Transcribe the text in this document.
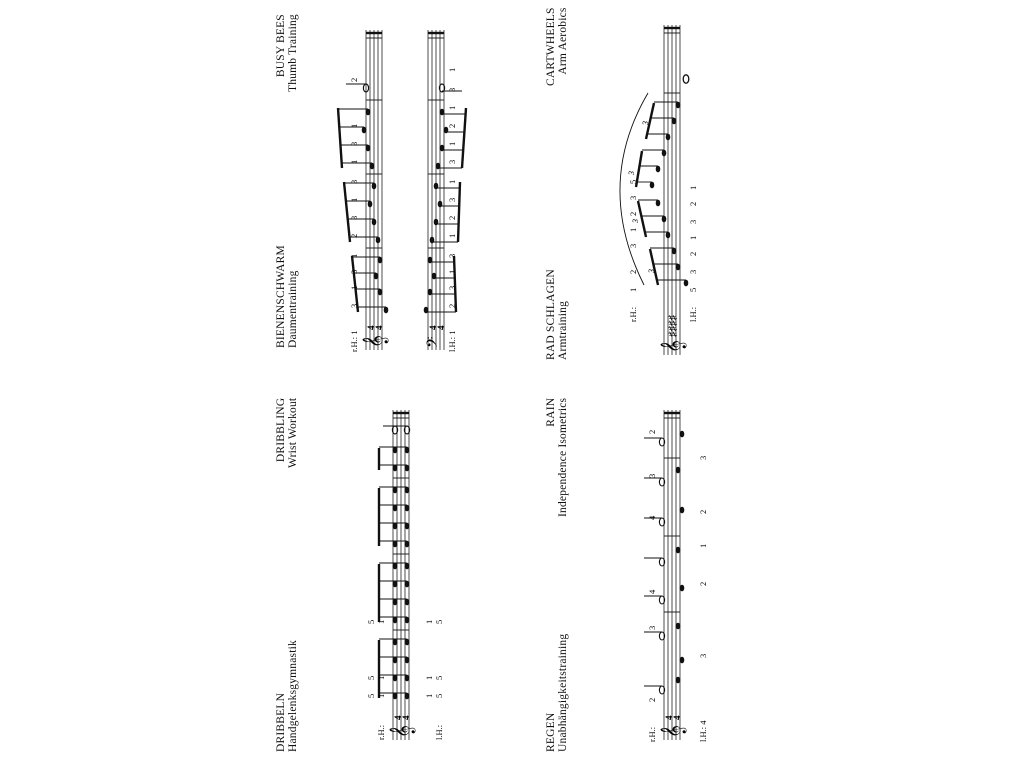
BIENENSCHWARM Daumentraining
BUSY BEES Thumb Training
DRIBBELN Handgelenksgymnastik
DRIBBLING Wrist Workout
RAD SCHLAGEN Armtraining
CARTWHEELS Arm Aerobics
REGEN Unabhängigkeitstraining
RAIN Independence Isometrics
𝄞
4
4
r.H.: 1
3
1
3
1
2
3
1
3
1
3
1
2
𝄢
4
4
l.H.: 1
2
3
1
3
1
2
3
1
3
1
2
1
3
1
𝄞
4
4
r.H.:
5 1
5 1
5 1
l.H.:
1 5
1 5
1 5
𝄞
♯♯♯♯
3
3
3
3
r.H.:
1
2
3
1
2
3
5
l.H.:
5
3
2
1
3
2
1
𝄞
4
4
r.H.:
2
3
4
4
3
2
l.H.: 4
3
2
1
2
3
